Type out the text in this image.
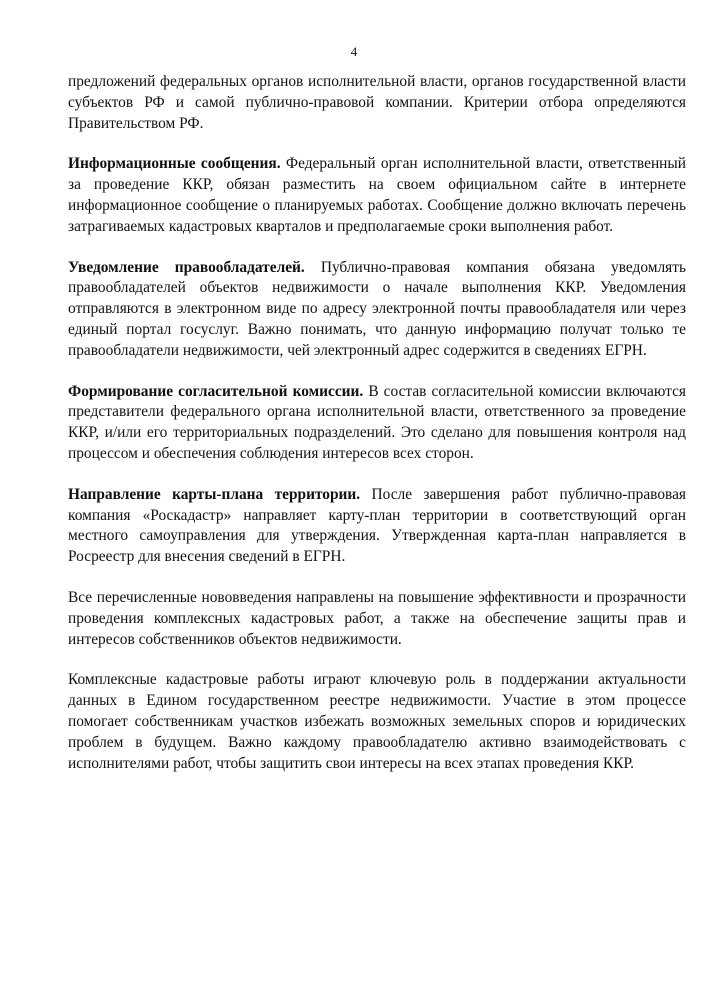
4

предложений федеральных органов исполнительной власти, органов государственной власти субъектов РФ и самой публично-правовой компании. Критерии отбора определяются Правительством РФ.

Информационные сообщения. Федеральный орган исполнительной власти, ответственный за проведение ККР, обязан разместить на своем официальном сайте в интернете информационное сообщение о планируемых работах. Сообщение должно включать перечень затрагиваемых кадастровых кварталов и предполагаемые сроки выполнения работ.

Уведомление правообладателей. Публично-правовая компания обязана уведомлять правообладателей объектов недвижимости о начале выполнения ККР. Уведомления отправляются в электронном виде по адресу электронной почты правообладателя или через единый портал госуслуг. Важно понимать, что данную информацию получат только те правообладатели недвижимости, чей электронный адрес содержится в сведениях ЕГРН.

Формирование согласительной комиссии. В состав согласительной комиссии включаются представители федерального органа исполнительной власти, ответственного за проведение ККР, и/или его территориальных подразделений. Это сделано для повышения контроля над процессом и обеспечения соблюдения интересов всех сторон.

Направление карты-плана территории. После завершения работ публично-правовая компания «Роскадастр» направляет карту-план территории в соответствующий орган местного самоуправления для утверждения. Утвержденная карта-план направляется в Росреестр для внесения сведений в ЕГРН.

Все перечисленные нововведения направлены на повышение эффективности и прозрачности проведения комплексных кадастровых работ, а также на обеспечение защиты прав и интересов собственников объектов недвижимости.

Комплексные кадастровые работы играют ключевую роль в поддержании актуальности данных в Едином государственном реестре недвижимости. Участие в этом процессе помогает собственникам участков избежать возможных земельных споров и юридических проблем в будущем. Важно каждому правообладателю активно взаимодействовать с исполнителями работ, чтобы защитить свои интересы на всех этапах проведения ККР.
